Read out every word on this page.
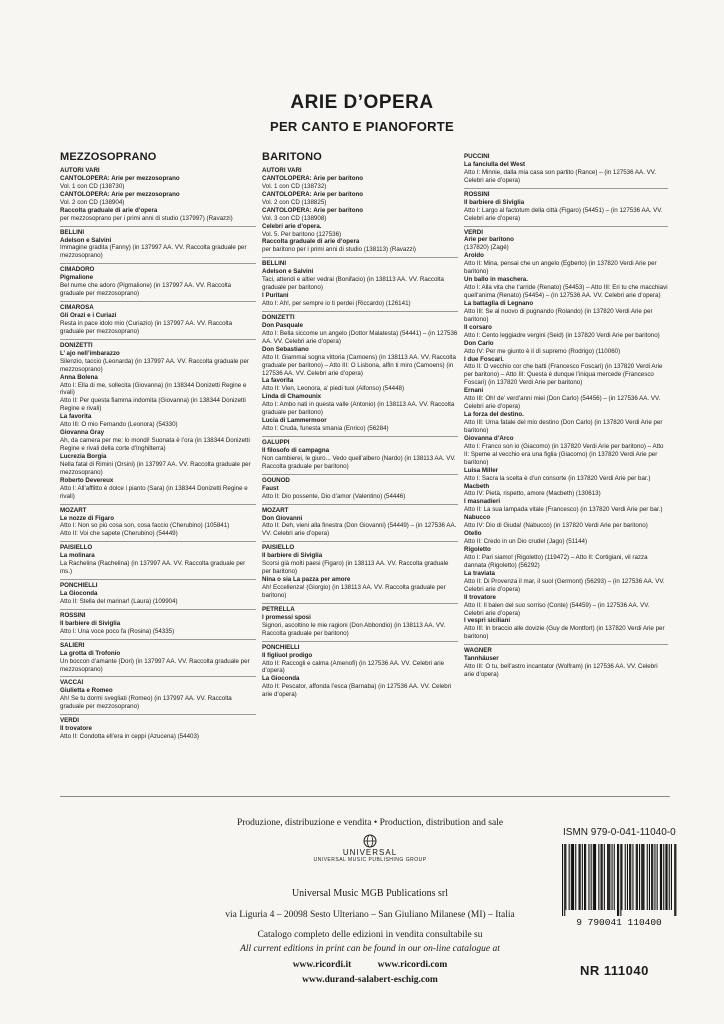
ARIE D’OPERA
PER CANTO E PIANOFORTE
MEZZOSOPRANO
AUTORI VARI
CANTOLOPERA: Arie per mezzosoprano
Vol. 1 con CD (138730)
CANTOLOPERA: Arie per mezzosoprano
Vol. 2 con CD (138904)
Raccolta graduale di arie d’opera
per mezzosoprano per i primi anni di studio (137997) (Ravazzi)
BELLINI
Adelson e Salvini
Immagine gradita (Fanny) (in 137997 AA. VV. Raccolta graduale per mezzosoprano)
CIMADORO
Pigmalione
Bel nume che adoro (Pigmalione) (in 137997 AA. VV. Raccolta graduale per mezzosoprano)
CIMAROSA
Gli Orazi e i Curiazi
Resta in pace idolo mio (Curiazio) (in 137997 AA. VV. Raccolta graduale per mezzosoprano)
DONIZETTI
L’ ajo nell’imbarazzo
Silenzio, taccio (Leonarda) (in 137997 AA. VV. Raccolta graduale per mezzosoprano)
Anna Bolena
Atto I: Ella di me, sollecita (Giovanna) (in 138344 Donizetti Regine e rivali)
Atto II: Per questa fiamma indomita (Giovanna) (in 138344 Donizetti Regine e rivali)
La favorita
Atto III: O mio Fernando (Leonora) (54330)
Giovanna Gray
Ah, da camera per me: lo mondi! Suonata è l’ora (in 138344 Donizetti Regine e rivali della corte d’Inghilterra)
Lucrezia Borgia
Nella fatal di Rimini (Orsini) (in 137997 AA. VV. Raccolta graduale per mezzosoprano)
Roberto Devereux
Atto I: All’afflitto è dolce i pianto (Sara) (in 138344 Donizetti Regine e rivali)
MOZART
Le nozze di Figaro
Atto I: Non so più cosa son, cosa faccio (Cherubino) (105841)
Atto II: Voi che sapete (Cherubino) (54449)
PAISIELLO
La molinara
La Rachelina (Rachelina) (in 137997 AA. VV. Raccolta graduale per ms.)
PONCHIELLI
La Gioconda
Atto II: Stella del marinar! (Laura) (109904)
ROSSINI
Il barbiere di Siviglia
Atto I: Una voce poco fa (Rosina) (54335)
SALIERI
La grotta di Trofonio
Un boccon d’amante (Dori) (in 137997 AA. VV. Raccolta graduale per mezzosoprano)
VACCAI
Giulietta e Romeo
Ah! Se tu dormi svegliati (Romeo) (in 137997 AA. VV. Raccolta graduale per mezzosoprano)
VERDI
Il trovatore
Atto II: Condotta ell’era in ceppi (Azucena) (54403)
BARITONO
AUTORI VARI
CANTOLOPERA: Arie per baritono
Vol. 1 con CD (138732)
CANTOLOPERA: Arie per baritono
Vol. 2 con CD (138825)
CANTOLOPERA: Arie per baritono
Vol. 3 con CD (138908)
Celebri arie d’opera.
Vol. 5. Per baritono (127536)
Raccolta graduale di arie d’opera
per baritono per i primi anni di studio (138113) (Ravazzi)
BELLINI
Adelson e Salvini
Taci, attendi e altier vedrai (Bonifacio) (in 138113 AA. VV. Raccolta graduale per baritono)
I Puritani
Atto I: Ah!, per sempre io ti perdei (Riccardo) (126141)
DONIZETTI
Don Pasquale
Atto I: Bella siccome un angelo (Dottor Malatesta) (54441) – (in 127536 AA. VV. Celebri arie d’opera)
Don Sebastiano
Atto II: Giammai sogna vittoria (Camoens) (in 138113 AA. VV. Raccolta graduale per baritono) – Atto III: O Lisbona, alfin ti miro (Camoens) (in 127536 AA. VV. Celebri arie d’opera)
La favorita
Atto II: Vien, Leonora, a’ piedi tuoi (Alfonso) (54448)
Linda di Chamounix
Atto I: Ambo nati in questa valle (Antonio) (in 138113 AA. VV. Raccolta graduale per baritono)
Lucia di Lammermoor
Atto I: Cruda, funesta smania (Enrico) (56284)
GALUPPI
Il filosofo di campagna
Non cambierei, le giuro... Vedo quell’albero (Nardo) (in 138113 AA. VV. Raccolta graduale per baritono)
GOUNOD
Faust
Atto II: Dio possente, Dio d’amor (Valentino) (54446)
MOZART
Don Giovanni
Atto II: Deh, vieni alla finestra (Don Giovanni) (54449) – (in 127536 AA. VV. Celebri arie d’opera)
PAISIELLO
Il barbiere di Siviglia
Scorsi già molti paesi (Figaro) (in 138113 AA. VV. Raccolta graduale per baritono)
Nina o sia La pazza per amore
Ah! Eccellenza! (Giorgio) (in 138113 AA. VV. Raccolta graduale per baritono)
PETRELLA
I promessi sposi
Signori, ascoltino le mie ragioni (Don Abbondio) (in 138113 AA. VV. Raccolta graduale per baritono)
PONCHIELLI
Il figliuol prodigo
Atto II: Raccogli e calma (Amenofi) (in 127536 AA. VV. Celebri arie d’opera)
La Gioconda
Atto II: Pescator, affonda l’esca (Barnaba) (in 127536 AA. VV. Celebri arie d’opera)
PUCCINI
La fanciulla del West
Atto I: Minnie, dalla mia casa son partito (Rance) – (in 127536 AA. VV. Celebri arie d’opera)
ROSSINI
Il barbiere di Siviglia
Atto I: Largo al factotum della città (Figaro) (54451) – (in 127536 AA. VV. Celebri arie d’opera)
VERDI
Arie per baritono
(137820) (Zagé)
Aroldo
Atto II: Mina, pensai che un angelo (Egberto) (in 137820 Verdi Arie per baritono)
Un ballo in maschera.
Atto I: Alla vita che t’arride (Renato) (54453) – Atto III: Eri tu che macchiavi quell’anima (Renato) (54454) – (in 127536 AA. VV. Celebri arie d’opera)
La battaglia di Legnano
Atto III: Se al nuovo di pugnando (Rolando) (in 137820 Verdi Arie per baritono)
Il corsaro
Atto I: Cento leggiadre vergini (Seid) (in 137820 Verdi Arie per baritono)
Don Carlo
Atto IV: Per me giunto è il dì supremo (Rodrigo) (110060)
I due Foscari.
Atto II: O vecchio cor che batti (Francesco Foscari) (in 137820 Verdi Arie per baritono) – Atto III: Questa è dunque l’iniqua mercede (Francesco Foscari) (in 137820 Verdi Arie per baritono)
Ernani
Atto III: Oh! de’ verd’anni miei (Don Carlo) (54456) – (in 127536 AA. VV. Celebri arie d’opera)
La forza del destino.
Atto III: Urna fatale del mio destino (Don Carlo) (in 137820 Verdi Arie per baritono)
Giovanna d’Arco
Atto I: Franco son io (Giacomo) (in 137820 Verdi Arie per baritono) – Atto II: Speme al vecchio era una figlia (Giacomo) (in 137820 Verdi Arie per baritono)
Luisa Miller
Atto I: Sacra la scelta è d’un consorte (in 137820 Verdi Arie per bar.)
Macbeth
Atto IV: Pietà, rispetto, amore (Macbeth) (130613)
I masnadieri
Atto II: La sua lampada vitale (Francesco) (in 137820 Verdi Arie per bar.)
Nabucco
Atto IV: Dio di Giuda! (Nabucco) (in 137820 Verdi Arie per baritono)
Otello
Atto II: Credo in un Dio crudel (Jago) (51144)
Rigoletto
Atto I: Pari siamo! (Rigoletto) (119472) – Atto II: Cortigiani, vil razza dannata (Rigoletto) (56292)
La traviata
Atto II: Di Provenza il mar, il suol (Germont) (56293) – (in 127536 AA. VV. Celebri arie d’opera)
Il trovatore
Atto II: Il balen del suo sorriso (Conte) (54459) – (in 127536 AA. VV. Celebri arie d’opera)
I vespri siciliani
Atto III: In braccio alle dovizie (Guy de Montfort) (in 137820 Verdi Arie per baritono)
WAGNER
Tannhäuser
Atto III: O tu, bell’astro incantator (Wolfram) (in 127536 AA. VV. Celebri arie d’opera)
Produzione, distribuzione e vendita • Production, distribution and sale
UNIVERSAL
UNIVERSAL MUSIC PUBLISHING GROUP
Universal Music MGB Publications srl
via Liguria 4 – 20098 Sesto Ulteriano – San Giuliano Milanese (MI) – Italia
Catalogo completo delle edizioni in vendita consultabile su
All current editions in print can be found in our on-line catalogue at
www.ricordi.it	www.ricordi.com
www.durand-salabert-eschig.com
ISMN 979-0-041-11040-0
9 790041 110400
NR 111040
